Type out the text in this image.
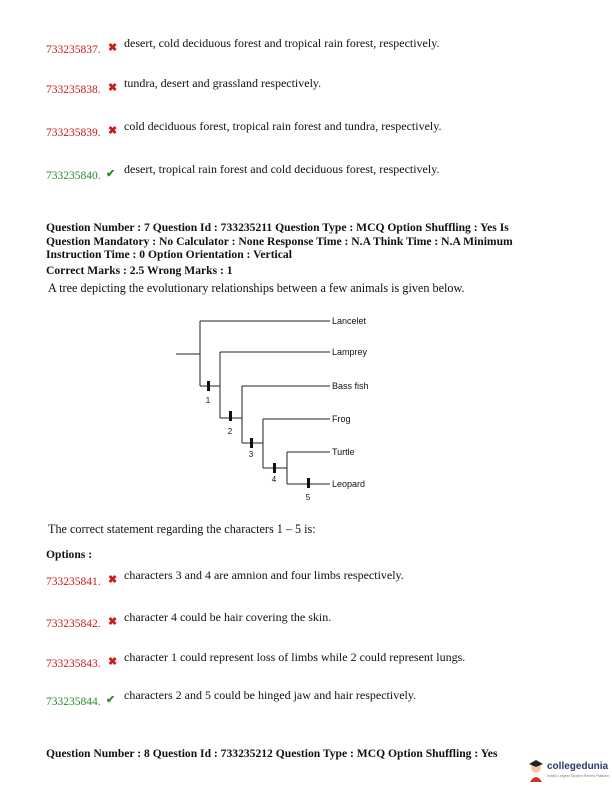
733235837. ✖ desert, cold deciduous forest and tropical rain forest, respectively.
733235838. ✖ tundra, desert and grassland respectively.
733235839. ✖ cold deciduous forest, tropical rain forest and tundra, respectively.
733235840. ✔ desert, tropical rain forest and cold deciduous forest, respectively.
Question Number : 7 Question Id : 733235211 Question Type : MCQ Option Shuffling : Yes Is
Question Mandatory : No Calculator : None Response Time : N.A Think Time : N.A Minimum
Instruction Time : 0 Option Orientation : Vertical
Correct Marks : 2.5 Wrong Marks : 1
A tree depicting the evolutionary relationships between a few animals is given below.
Lancelet
Lamprey
Bass fish
Frog
Turtle
Leopard
1
2
3
4
5
The correct statement regarding the characters 1 – 5 is:
Options :
733235841. ✖ characters 3 and 4 are amnion and four limbs respectively.
733235842. ✖ character 4 could be hair covering the skin.
733235843. ✖ character 1 could represent loss of limbs while 2 could represent lungs.
733235844. ✔ characters 2 and 5 could be hinged jaw and hair respectively.
Question Number : 8 Question Id : 733235212 Question Type : MCQ Option Shuffling : Yes
collegedunia
India's Largest Student Review Platform
